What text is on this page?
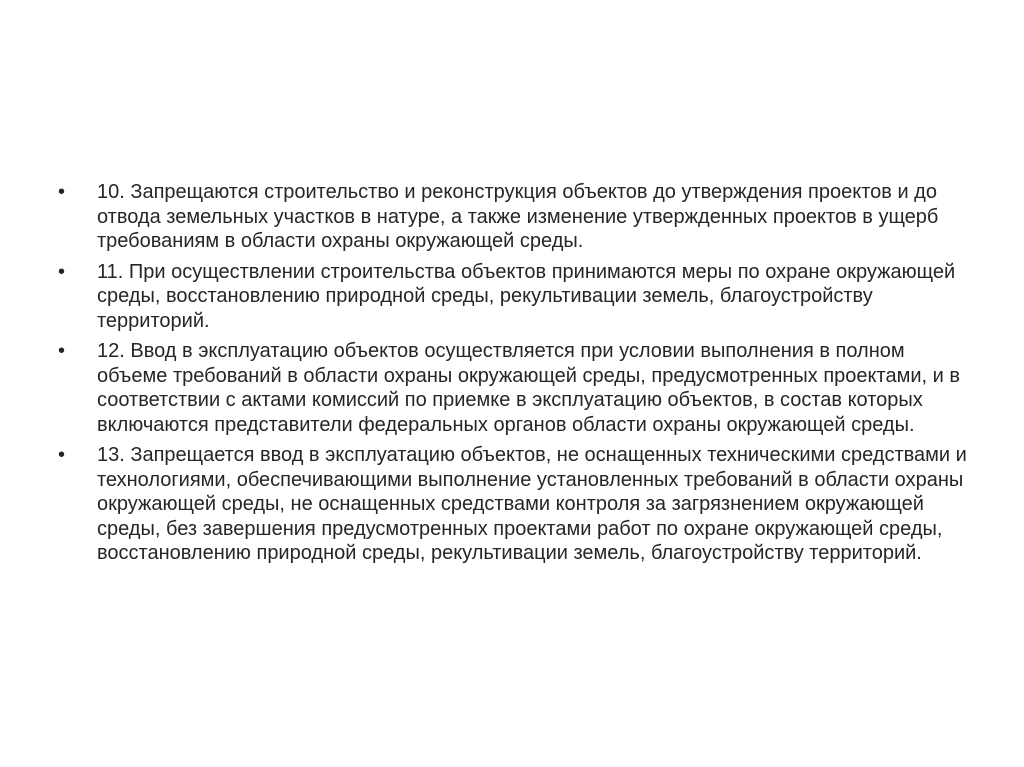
•	10. Запрещаются строительство и реконструкция объектов до утверждения проектов и до отвода земельных участков в натуре, а также изменение утвержденных проектов в ущерб требованиям в области охраны окружающей среды.
•	11. При осуществлении строительства объектов принимаются меры по охране окружающей среды, восстановлению природной среды, рекультивации земель, благоустройству территорий.
•	12. Ввод в эксплуатацию объектов осуществляется при условии выполнения в полном объеме требований в области охраны окружающей среды, предусмотренных проектами, и в соответствии с актами комиссий по приемке в эксплуатацию объектов, в состав которых включаются представители федеральных органов области охраны окружающей среды.
•	13. Запрещается ввод в эксплуатацию объектов, не оснащенных техническими средствами и технологиями, обеспечивающими выполнение установленных требований в области охраны окружающей среды, не оснащенных средствами контроля за загрязнением окружающей среды, без завершения предусмотренных проектами работ по охране окружающей среды, восстановлению природной среды, рекультивации земель, благоустройству территорий.
